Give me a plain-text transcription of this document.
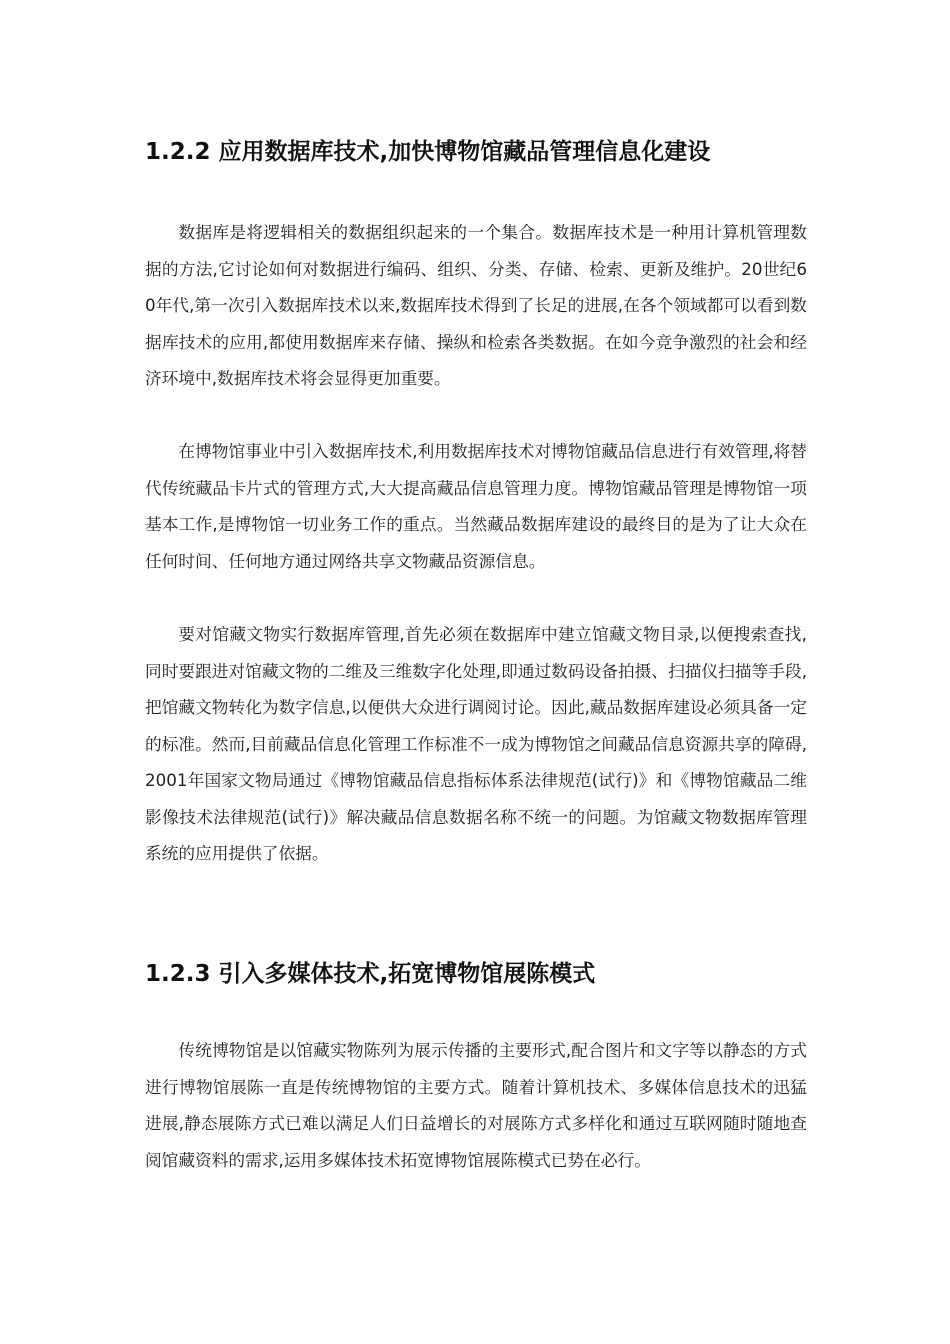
1.2.2 应用数据库技术,加快博物馆藏品管理信息化建设

数据库是将逻辑相关的数据组织起来的一个集合。数据库技术是一种用计算机管理数据的方法,它讨论如何对数据进行编码、组织、分类、存储、检索、更新及维护。20世纪60年代,第一次引入数据库技术以来,数据库技术得到了长足的进展,在各个领域都可以看到数据库技术的应用,都使用数据库来存储、操纵和检索各类数据。在如今竞争激烈的社会和经济环境中,数据库技术将会显得更加重要。

在博物馆事业中引入数据库技术,利用数据库技术对博物馆藏品信息进行有效管理,将替代传统藏品卡片式的管理方式,大大提高藏品信息管理力度。博物馆藏品管理是博物馆一项基本工作,是博物馆一切业务工作的重点。当然藏品数据库建设的最终目的是为了让大众在任何时间、任何地方通过网络共享文物藏品资源信息。

要对馆藏文物实行数据库管理,首先必须在数据库中建立馆藏文物目录,以便搜索查找,同时要跟进对馆藏文物的二维及三维数字化处理,即通过数码设备拍摄、扫描仪扫描等手段,把馆藏文物转化为数字信息,以便供大众进行调阅讨论。因此,藏品数据库建设必须具备一定的标准。然而,目前藏品信息化管理工作标准不一成为博物馆之间藏品信息资源共享的障碍,2001年国家文物局通过《博物馆藏品信息指标体系法律规范(试行)》和《博物馆藏品二维影像技术法律规范(试行)》解决藏品信息数据名称不统一的问题。为馆藏文物数据库管理系统的应用提供了依据。

1.2.3 引入多媒体技术,拓宽博物馆展陈模式

传统博物馆是以馆藏实物陈列为展示传播的主要形式,配合图片和文字等以静态的方式进行博物馆展陈一直是传统博物馆的主要方式。随着计算机技术、多媒体信息技术的迅猛进展,静态展陈方式已难以满足人们日益增长的对展陈方式多样化和通过互联网随时随地查阅馆藏资料的需求,运用多媒体技术拓宽博物馆展陈模式已势在必行。
